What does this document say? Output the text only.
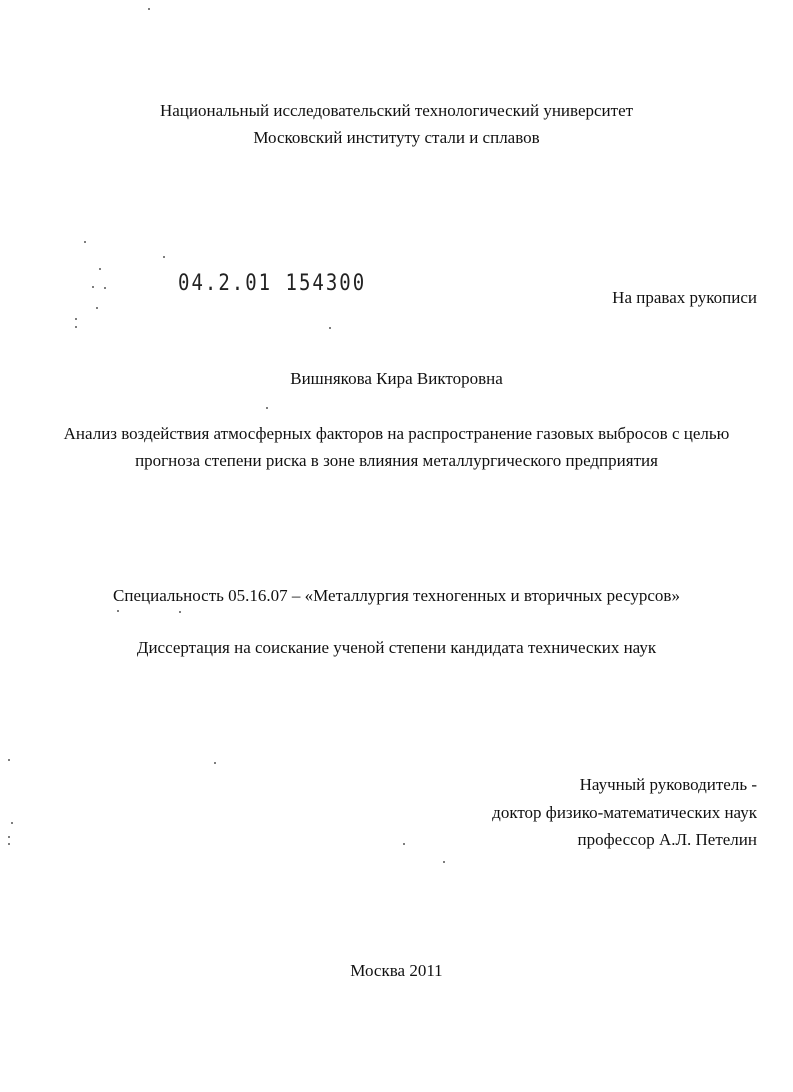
Национальный исследовательский технологический университет
Московский институту стали и сплавов
04.2.01 154300
На правах рукописи
Вишнякова Кира Викторовна
Анализ воздействия атмосферных факторов на распространение газовых выбросов с целью
прогноза степени риска в зоне влияния металлургического предприятия
Специальность 05.16.07 – «Металлургия техногенных и вторичных ресурсов»
Диссертация на соискание ученой степени кандидата технических наук
Научный руководитель -
доктор физико-математических наук
профессор А.Л. Петелин
Москва 2011
